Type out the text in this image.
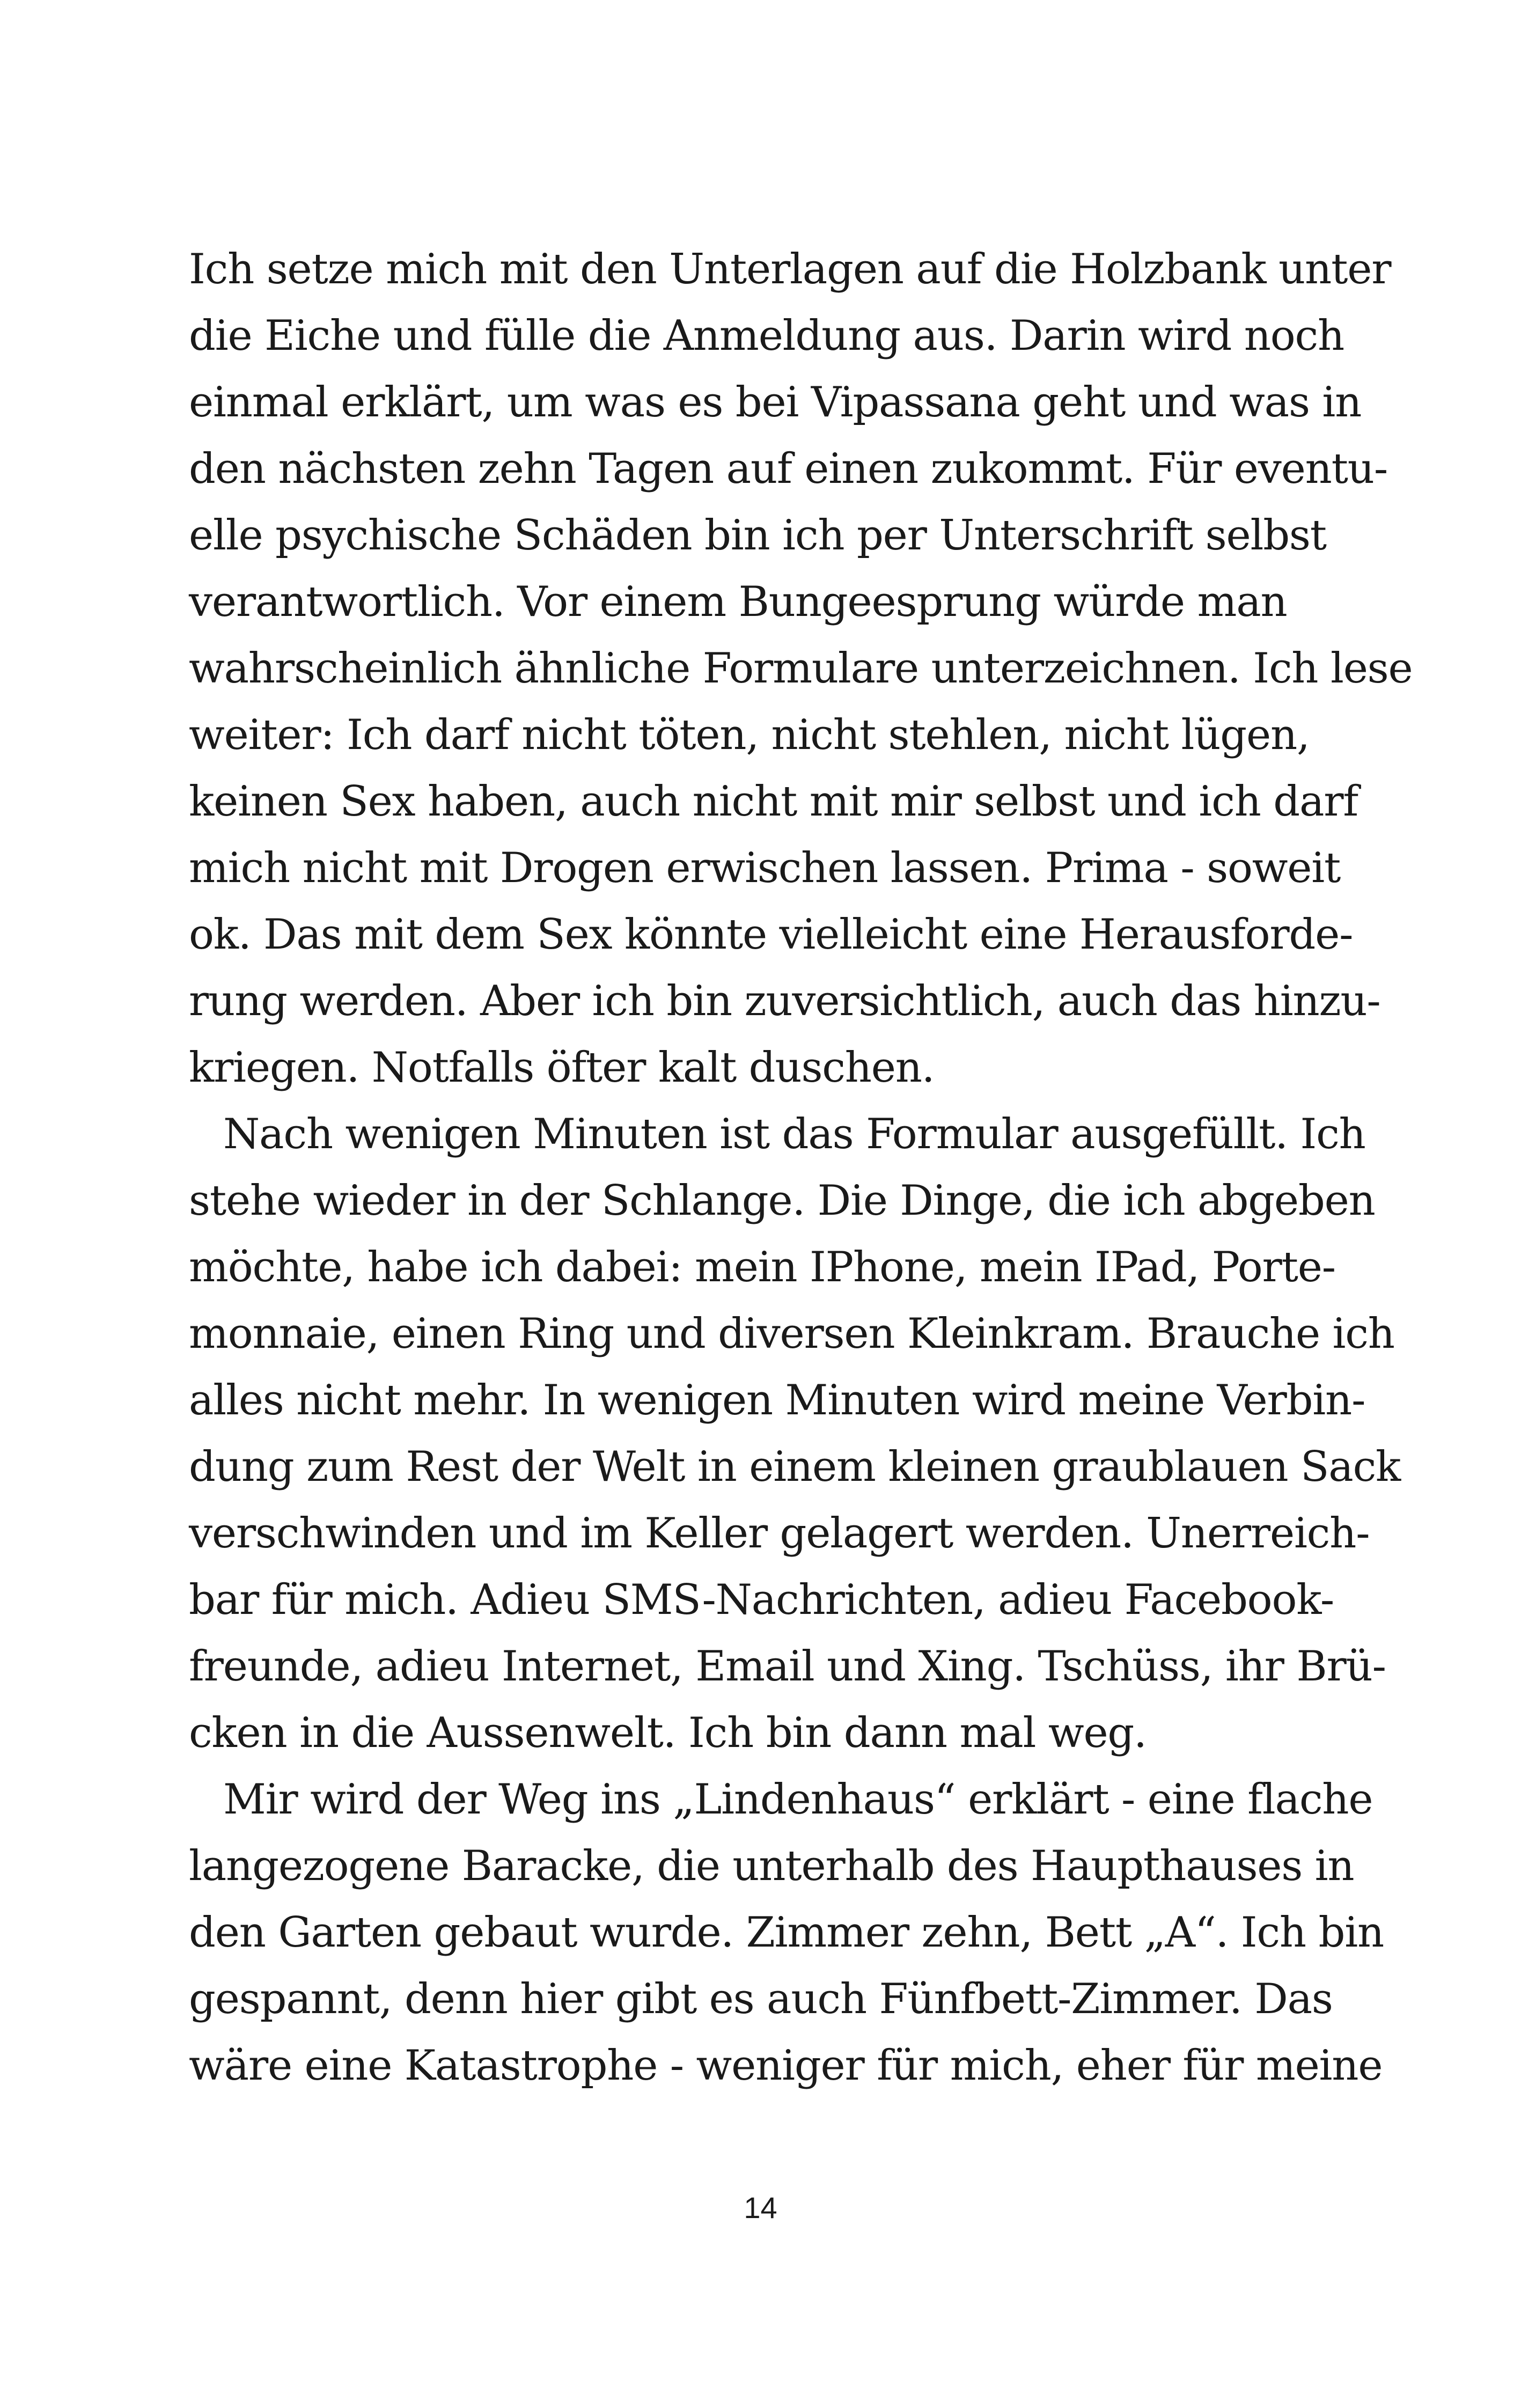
Ich setze mich mit den Unterlagen auf die Holzbank unter
die Eiche und fülle die Anmeldung aus. Darin wird noch
einmal erklärt, um was es bei Vipassana geht und was in
den nächsten zehn Tagen auf einen zukommt. Für eventu-
elle psychische Schäden bin ich per Unterschrift selbst
verantwortlich. Vor einem Bungeesprung würde man
wahrscheinlich ähnliche Formulare unterzeichnen. Ich lese
weiter: Ich darf nicht töten, nicht stehlen, nicht lügen,
keinen Sex haben, auch nicht mit mir selbst und ich darf
mich nicht mit Drogen erwischen lassen. Prima - soweit
ok. Das mit dem Sex könnte vielleicht eine Herausforde-
rung werden. Aber ich bin zuversichtlich, auch das hinzu-
kriegen. Notfalls öfter kalt duschen.
Nach wenigen Minuten ist das Formular ausgefüllt. Ich
stehe wieder in der Schlange. Die Dinge, die ich abgeben
möchte, habe ich dabei: mein IPhone, mein IPad, Porte-
monnaie, einen Ring und diversen Kleinkram. Brauche ich
alles nicht mehr. In wenigen Minuten wird meine Verbin-
dung zum Rest der Welt in einem kleinen graublauen Sack
verschwinden und im Keller gelagert werden. Unerreich-
bar für mich. Adieu SMS-Nachrichten, adieu Facebook-
freunde, adieu Internet, Email und Xing. Tschüss, ihr Brü-
cken in die Aussenwelt. Ich bin dann mal weg.
Mir wird der Weg ins „Lindenhaus“ erklärt - eine flache
langezogene Baracke, die unterhalb des Haupthauses in
den Garten gebaut wurde. Zimmer zehn, Bett „A“. Ich bin
gespannt, denn hier gibt es auch Fünfbett-Zimmer. Das
wäre eine Katastrophe - weniger für mich, eher für meine
14
